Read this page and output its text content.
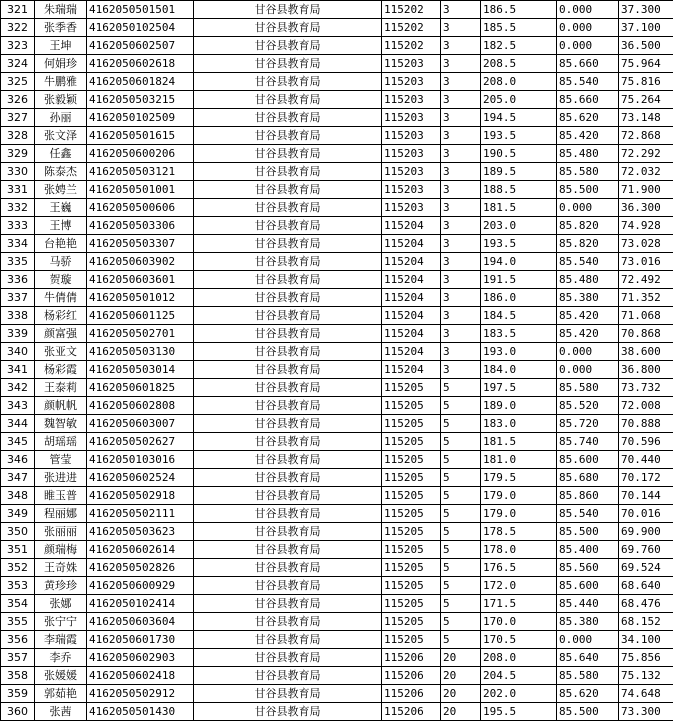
321	朱瑞瑞	4162050501501	甘谷县教育局	115202	3	186.5	0.000	37.300
322	张季香	4162050102504	甘谷县教育局	115202	3	185.5	0.000	37.100
323	王坤	4162050602507	甘谷县教育局	115202	3	182.5	0.000	36.500
324	何娟珍	4162050602618	甘谷县教育局	115203	3	208.5	85.660	75.964
325	牛鹏雅	4162050601824	甘谷县教育局	115203	3	208.0	85.540	75.816
326	张毅颖	4162050503215	甘谷县教育局	115203	3	205.0	85.660	75.264
327	孙丽	4162050102509	甘谷县教育局	115203	3	194.5	85.620	73.148
328	张文泽	4162050501615	甘谷县教育局	115203	3	193.5	85.420	72.868
329	任鑫	4162050600206	甘谷县教育局	115203	3	190.5	85.480	72.292
330	陈泰杰	4162050503121	甘谷县教育局	115203	3	189.5	85.580	72.032
331	张娉兰	4162050501001	甘谷县教育局	115203	3	188.5	85.500	71.900
332	王巍	4162050500606	甘谷县教育局	115203	3	181.5	0.000	36.300
333	王博	4162050503306	甘谷县教育局	115204	3	203.0	85.820	74.928
334	台艳艳	4162050503307	甘谷县教育局	115204	3	193.5	85.820	73.028
335	马骄	4162050603902	甘谷县教育局	115204	3	194.0	85.540	73.016
336	贺璇	4162050603601	甘谷县教育局	115204	3	191.5	85.480	72.492
337	牛倩倩	4162050501012	甘谷县教育局	115204	3	186.0	85.380	71.352
338	杨彩红	4162050601125	甘谷县教育局	115204	3	184.5	85.420	71.068
339	颜富强	4162050502701	甘谷县教育局	115204	3	183.5	85.420	70.868
340	张亚文	4162050503130	甘谷县教育局	115204	3	193.0	0.000	38.600
341	杨彩霞	4162050503014	甘谷县教育局	115204	3	184.0	0.000	36.800
342	王泰莉	4162050601825	甘谷县教育局	115205	5	197.5	85.580	73.732
343	颜帆帆	4162050602808	甘谷县教育局	115205	5	189.0	85.520	72.008
344	魏智敏	4162050603007	甘谷县教育局	115205	5	183.0	85.720	70.888
345	胡瑶瑶	4162050502627	甘谷县教育局	115205	5	181.5	85.740	70.596
346	管莹	4162050103016	甘谷县教育局	115205	5	181.0	85.600	70.440
347	张进进	4162050602524	甘谷县教育局	115205	5	179.5	85.680	70.172
348	睢玉普	4162050502918	甘谷县教育局	115205	5	179.0	85.860	70.144
349	程丽娜	4162050502111	甘谷县教育局	115205	5	179.0	85.540	70.016
350	张丽丽	4162050503623	甘谷县教育局	115205	5	178.5	85.500	69.900
351	颜瑞梅	4162050602614	甘谷县教育局	115205	5	178.0	85.400	69.760
352	王奇姝	4162050502826	甘谷县教育局	115205	5	176.5	85.560	69.524
353	黄珍珍	4162050600929	甘谷县教育局	115205	5	172.0	85.600	68.640
354	张娜	4162050102414	甘谷县教育局	115205	5	171.5	85.440	68.476
355	张宁宁	4162050603604	甘谷县教育局	115205	5	170.0	85.380	68.152
356	李瑞霞	4162050601730	甘谷县教育局	115205	5	170.5	0.000	34.100
357	李乔	4162050602903	甘谷县教育局	115206	20	208.0	85.640	75.856
358	张媛媛	4162050602418	甘谷县教育局	115206	20	204.5	85.580	75.132
359	郭茹艳	4162050502912	甘谷县教育局	115206	20	202.0	85.620	74.648
360	张茜	4162050501430	甘谷县教育局	115206	20	195.5	85.500	73.300
